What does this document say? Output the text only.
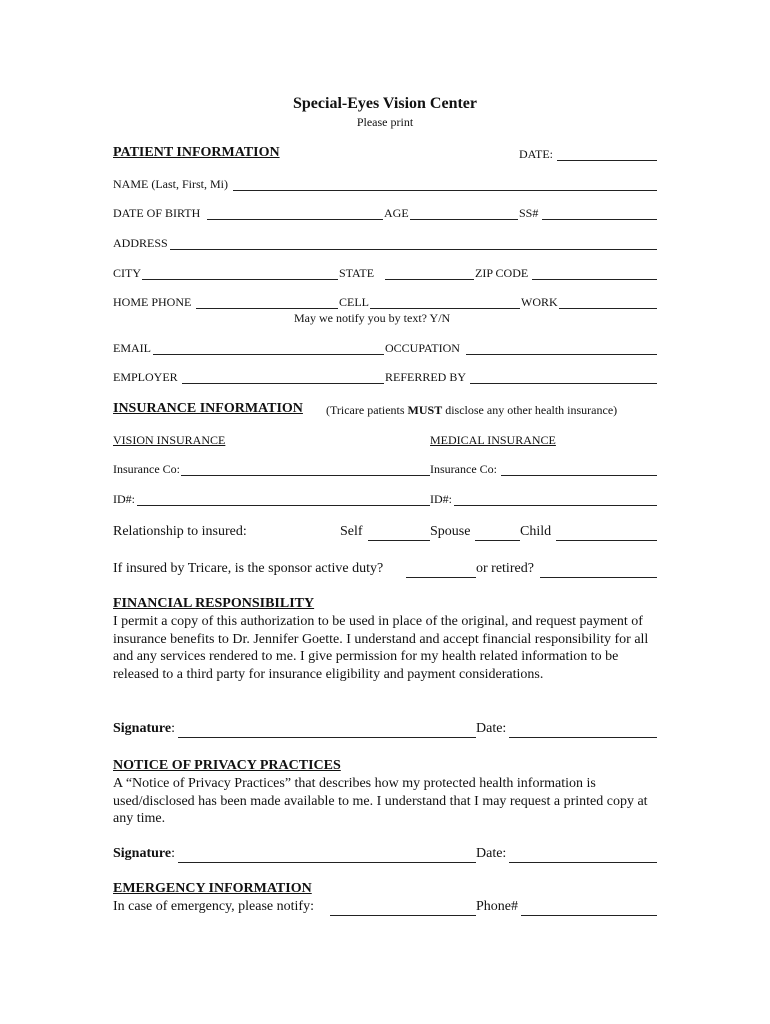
Special-Eyes Vision Center
Please print
PATIENT INFORMATION	DATE:
NAME (Last, First, Mi)
DATE OF BIRTH	AGE	SS#
ADDRESS
CITY	STATE	ZIP CODE
HOME PHONE	CELL	WORK
May we notify you by text? Y/N
EMAIL	OCCUPATION
EMPLOYER	REFERRED BY
INSURANCE INFORMATION (Tricare patients MUST disclose any other health insurance)
VISION INSURANCE	MEDICAL INSURANCE
Insurance Co:	Insurance Co:
ID#:	ID#:
Relationship to insured:	Self	Spouse	Child
If insured by Tricare, is the sponsor active duty?	or retired?
FINANCIAL RESPONSIBILITY
I permit a copy of this authorization to be used in place of the original, and request payment of insurance benefits to Dr. Jennifer Goette. I understand and accept financial responsibility for all and any services rendered to me. I give permission for my health related information to be released to a third party for insurance eligibility and payment considerations.
Signature:	Date:
NOTICE OF PRIVACY PRACTICES
A “Notice of Privacy Practices” that describes how my protected health information is used/disclosed has been made available to me. I understand that I may request a printed copy at any time.
Signature:	Date:
EMERGENCY INFORMATION
In case of emergency, please notify:	Phone#
